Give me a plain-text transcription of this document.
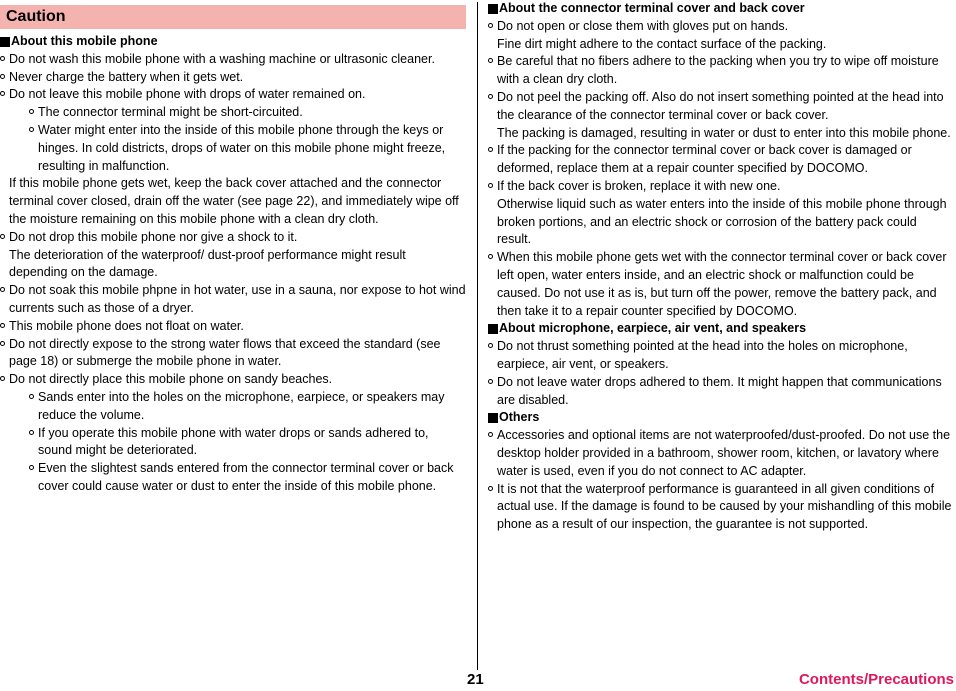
Caution
About this mobile phone
Do not wash this mobile phone with a washing machine or ultrasonic cleaner.
Never charge the battery when it gets wet.
Do not leave this mobile phone with drops of water remained on.
The connector terminal might be short-circuited.
Water might enter into the inside of this mobile phone through the keys or hinges. In cold districts, drops of water on this mobile phone might freeze, resulting in malfunction.
If this mobile phone gets wet, keep the back cover attached and the connector terminal cover closed, drain off the water (see page 22), and immediately wipe off the moisture remaining on this mobile phone with a clean dry cloth.
Do not drop this mobile phone nor give a shock to it.
The deterioration of the waterproof/ dust-proof performance might result depending on the damage.
Do not soak this mobile phpne in hot water, use in a sauna, nor expose to hot wind currents such as those of a dryer.
This mobile phone does not float on water.
Do not directly expose to the strong water flows that exceed the standard (see page 18) or submerge the mobile phone in water.
Do not directly place this mobile phone on sandy beaches.
Sands enter into the holes on the microphone, earpiece, or speakers may reduce the volume.
If you operate this mobile phone with water drops or sands adhered to, sound might be deteriorated.
Even the slightest sands entered from the connector terminal cover or back cover could cause water or dust to enter the inside of this mobile phone.
About the connector terminal cover and back cover
Do not open or close them with gloves put on hands.
Fine dirt might adhere to the contact surface of the packing.
Be careful that no fibers adhere to the packing when you try to wipe off moisture with a clean dry cloth.
Do not peel the packing off. Also do not insert something pointed at the head into the clearance of the connector terminal cover or back cover.
The packing is damaged, resulting in water or dust to enter into this mobile phone.
If the packing for the connector terminal cover or back cover is damaged or deformed, replace them at a repair counter specified by DOCOMO.
If the back cover is broken, replace it with new one.
Otherwise liquid such as water enters into the inside of this mobile phone through broken portions, and an electric shock or corrosion of the battery pack could result.
When this mobile phone gets wet with the connector terminal cover or back cover left open, water enters inside, and an electric shock or malfunction could be caused. Do not use it as is, but turn off the power, remove the battery pack, and then take it to a repair counter specified by DOCOMO.
About microphone, earpiece, air vent, and speakers
Do not thrust something pointed at the head into the holes on microphone, earpiece, air vent, or speakers.
Do not leave water drops adhered to them. It might happen that communications are disabled.
Others
Accessories and optional items are not waterproofed/dust-proofed. Do not use the desktop holder provided in a bathroom, shower room, kitchen, or lavatory where water is used, even if you do not connect to AC adapter.
It is not that the waterproof performance is guaranteed in all given conditions of actual use. If the damage is found to be caused by your mishandling of this mobile phone as a result of our inspection, the guarantee is not supported.
21	Contents/Precautions
